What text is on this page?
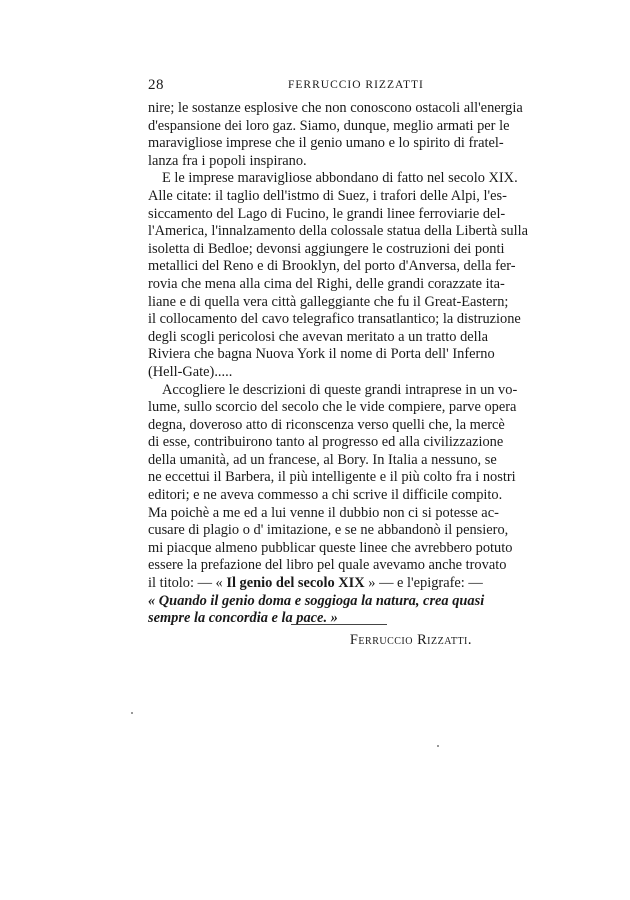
28	FERRUCCIO RIZZATTI
nire; le sostanze esplosive che non conoscono ostacoli all'energia
d'espansione dei loro gaz. Siamo, dunque, meglio armati per le
maravigliose imprese che il genio umano e lo spirito di fratel-
lanza fra i popoli inspirano.
E le imprese maravigliose abbondano di fatto nel secolo XIX.
Alle citate: il taglio dell'istmo di Suez, i trafori delle Alpi, l'es-
siccamento del Lago di Fucino, le grandi linee ferroviarie del-
l'America, l'innalzamento della colossale statua della Libertà sulla
isoletta di Bedloe; devonsi aggiungere le costruzioni dei ponti
metallici del Reno e di Brooklyn, del porto d'Anversa, della fer-
rovia che mena alla cima del Righi, delle grandi corazzate ita-
liane e di quella vera città galleggiante che fu il Great-Eastern;
il collocamento del cavo telegrafico transatlantico; la distruzione
degli scogli pericolosi che avevan meritato a un tratto della
Riviera che bagna Nuova York il nome di Porta dell' Inferno
(Hell-Gate).....
Accogliere le descrizioni di queste grandi intraprese in un vo-
lume, sullo scorcio del secolo che le vide compiere, parve opera
degna, doveroso atto di riconscenza verso quelli che, la mercè
di esse, contribuirono tanto al progresso ed alla civilizzazione
della umanità, ad un francese, al Bory. In Italia a nessuno, se
ne eccettui il Barbera, il più intelligente e il più colto fra i nostri
editori; e ne aveva commesso a chi scrive il difficile compito.
Ma poichè a me ed a lui venne il dubbio non ci si potesse ac-
cusare di plagio o d' imitazione, e se ne abbandonò il pensiero,
mi piacque almeno pubblicar queste linee che avrebbero potuto
essere la prefazione del libro pel quale avevamo anche trovato
il titolo: — « Il genio del secolo XIX » — e l'epigrafe: —
« Quando il genio doma e soggioga la natura, crea quasi
sempre la concordia e la pace. »
Ferruccio Rizzatti.
